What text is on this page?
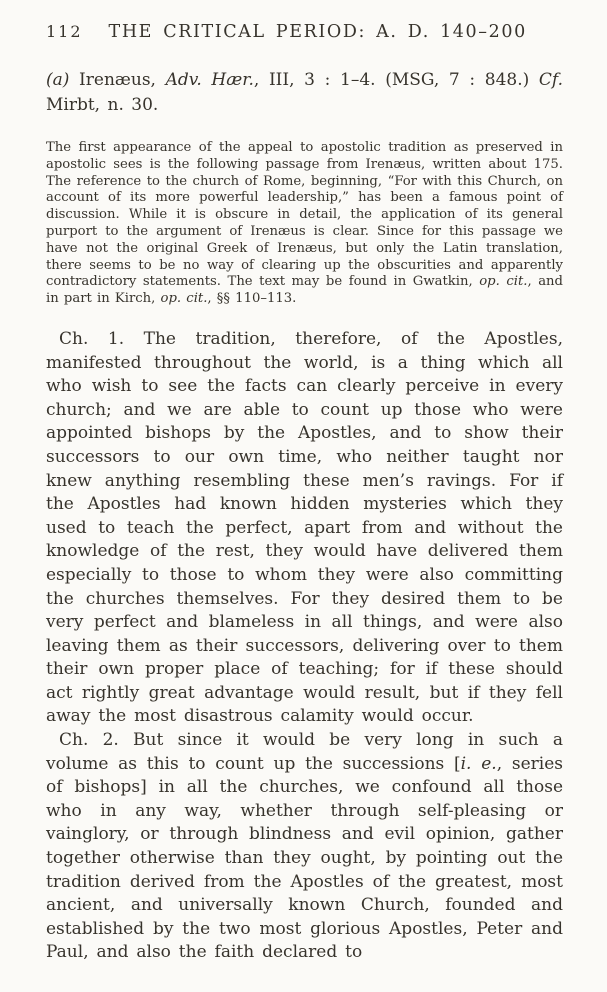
112 THE CRITICAL PERIOD: A. D. 140–200
(a) Irenæus, Adv. Hær., III, 3 : 1–4. (MSG, 7 : 848.) Cf. Mirbt, n. 30.
The first appearance of the appeal to apostolic tradition as preserved in apostolic sees is the following passage from Irenæus, written about 175. The reference to the church of Rome, beginning, “For with this Church, on account of its more powerful leadership,” has been a famous point of discussion. While it is obscure in detail, the application of its general purport to the argument of Irenæus is clear. Since for this passage we have not the original Greek of Irenæus, but only the Latin translation, there seems to be no way of clearing up the obscurities and apparently contradictory statements. The text may be found in Gwatkin, op. cit., and in part in Kirch, op. cit., §§ 110–113.

Ch. 1. The tradition, therefore, of the Apostles, manifested throughout the world, is a thing which all who wish to see the facts can clearly perceive in every church; and we are able to count up those who were appointed bishops by the Apostles, and to show their successors to our own time, who neither taught nor knew anything resembling these men’s ravings. For if the Apostles had known hidden mysteries which they used to teach the perfect, apart from and without the knowledge of the rest, they would have delivered them especially to those to whom they were also committing the churches themselves. For they desired them to be very perfect and blameless in all things, and were also leaving them as their successors, delivering over to them their own proper place of teaching; for if these should act rightly great advantage would result, but if they fell away the most disastrous calamity would occur.

Ch. 2. But since it would be very long in such a volume as this to count up the successions [i. e., series of bishops] in all the churches, we confound all those who in any way, whether through self-pleasing or vainglory, or through blindness and evil opinion, gather together otherwise than they ought, by pointing out the tradition derived from the Apostles of the greatest, most ancient, and universally known Church, founded and established by the two most glorious Apostles, Peter and Paul, and also the faith declared to
